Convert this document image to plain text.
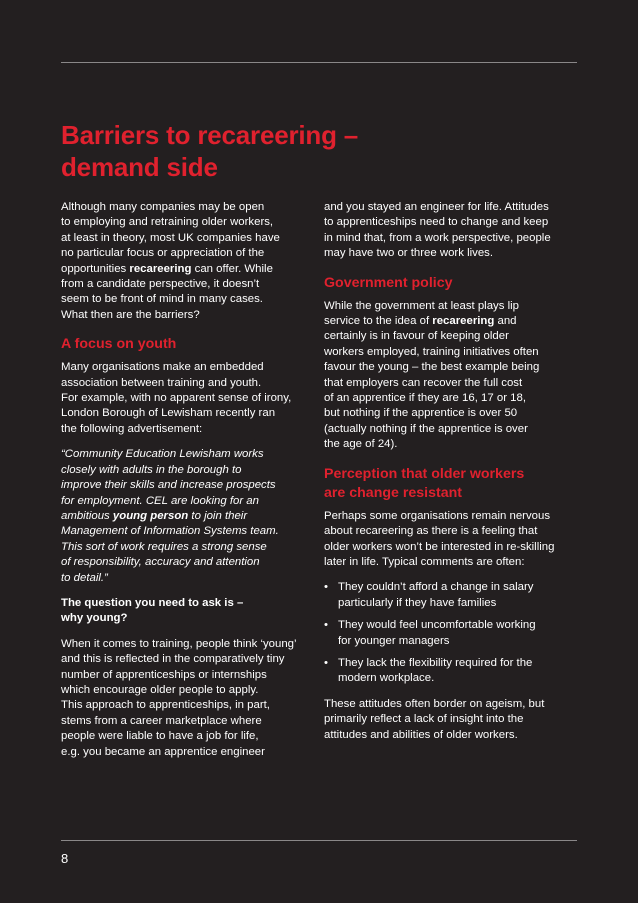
Barriers to recareering –
demand side

Although many companies may be open
to employing and retraining older workers,
at least in theory, most UK companies have
no particular focus or appreciation of the
opportunities recareering can offer. While
from a candidate perspective, it doesn’t
seem to be front of mind in many cases.
What then are the barriers?

A focus on youth

Many organisations make an embedded
association between training and youth.
For example, with no apparent sense of irony,
London Borough of Lewisham recently ran
the following advertisement:

“Community Education Lewisham works
closely with adults in the borough to
improve their skills and increase prospects
for employment. CEL are looking for an
ambitious young person to join their
Management of Information Systems team.
This sort of work requires a strong sense
of responsibility, accuracy and attention
to detail.”

The question you need to ask is –
why young?

When it comes to training, people think ‘young’
and this is reflected in the comparatively tiny
number of apprenticeships or internships
which encourage older people to apply.
This approach to apprenticeships, in part,
stems from a career marketplace where
people were liable to have a job for life,
e.g. you became an apprentice engineer

and you stayed an engineer for life. Attitudes
to apprenticeships need to change and keep
in mind that, from a work perspective, people
may have two or three work lives.

Government policy

While the government at least plays lip
service to the idea of recareering and
certainly is in favour of keeping older
workers employed, training initiatives often
favour the young – the best example being
that employers can recover the full cost
of an apprentice if they are 16, 17 or 18,
but nothing if the apprentice is over 50
(actually nothing if the apprentice is over
the age of 24).

Perception that older workers
are change resistant

Perhaps some organisations remain nervous
about recareering as there is a feeling that
older workers won’t be interested in re-skilling
later in life. Typical comments are often:

• They couldn’t afford a change in salary
particularly if they have families
• They would feel uncomfortable working
for younger managers
• They lack the flexibility required for the
modern workplace.

These attitudes often border on ageism, but
primarily reflect a lack of insight into the
attitudes and abilities of older workers.

8
